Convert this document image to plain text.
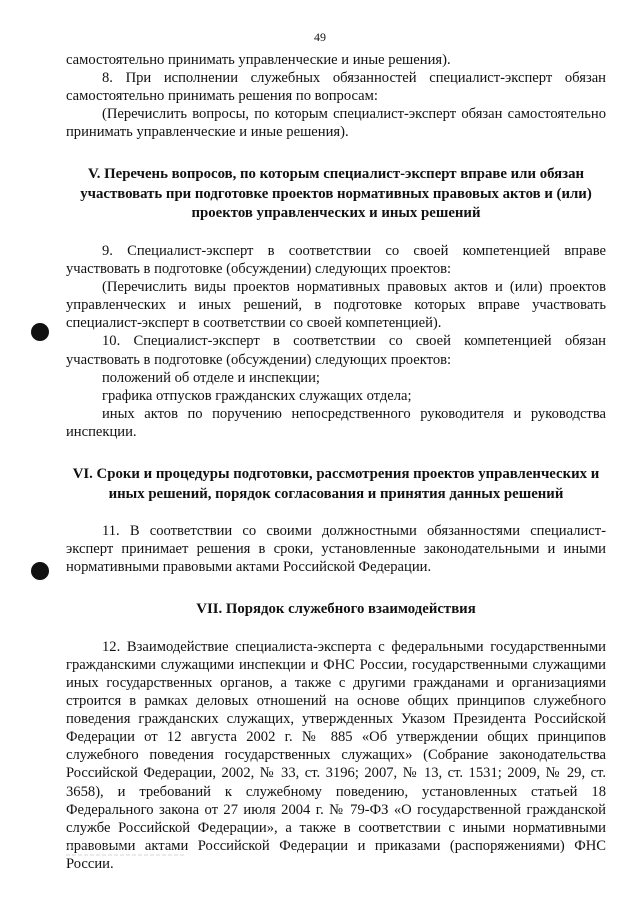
49

самостоятельно принимать управленческие и иные решения).

8. При исполнении служебных обязанностей специалист-эксперт обязан самостоятельно принимать решения по вопросам:

(Перечислить вопросы, по которым специалист-эксперт обязан самостоятельно принимать управленческие и иные решения).

V. Перечень вопросов, по которым специалист-эксперт вправе или обязан участвовать при подготовке проектов нормативных правовых актов и (или) проектов управленческих и иных решений

9. Специалист-эксперт в соответствии со своей компетенцией вправе участвовать в подготовке (обсуждении) следующих проектов:

(Перечислить виды проектов нормативных правовых актов и (или) проектов управленческих и иных решений, в подготовке которых вправе участвовать специалист-эксперт в соответствии со своей компетенцией).

10. Специалист-эксперт в соответствии со своей компетенцией обязан участвовать в подготовке (обсуждении) следующих проектов:

положений об отделе и инспекции;

графика отпусков гражданских служащих отдела;

иных актов по поручению непосредственного руководителя и руководства инспекции.

VI. Сроки и процедуры подготовки, рассмотрения проектов управленческих и иных решений, порядок согласования и принятия данных решений

11. В соответствии со своими должностными обязанностями специалист-эксперт принимает решения в сроки, установленные законодательными и иными нормативными правовыми актами Российской Федерации.

VII. Порядок служебного взаимодействия

12. Взаимодействие специалиста-эксперта с федеральными государственными гражданскими служащими инспекции и ФНС России, государственными служащими иных государственных органов, а также с другими гражданами и организациями строится в рамках деловых отношений на основе общих принципов служебного поведения гражданских служащих, утвержденных Указом Президента Российской Федерации от 12 августа 2002 г. № 885 «Об утверждении общих принципов служебного поведения государственных служащих» (Собрание законодательства Российской Федерации, 2002, № 33, ст. 3196; 2007, № 13, ст. 1531; 2009, № 29, ст. 3658), и требований к служебному поведению, установленных статьей 18 Федерального закона от 27 июля 2004 г. № 79-ФЗ «О государственной гражданской службе Российской Федерации», а также в соответствии с иными нормативными правовыми актами Российской Федерации и приказами (распоряжениями) ФНС России.
